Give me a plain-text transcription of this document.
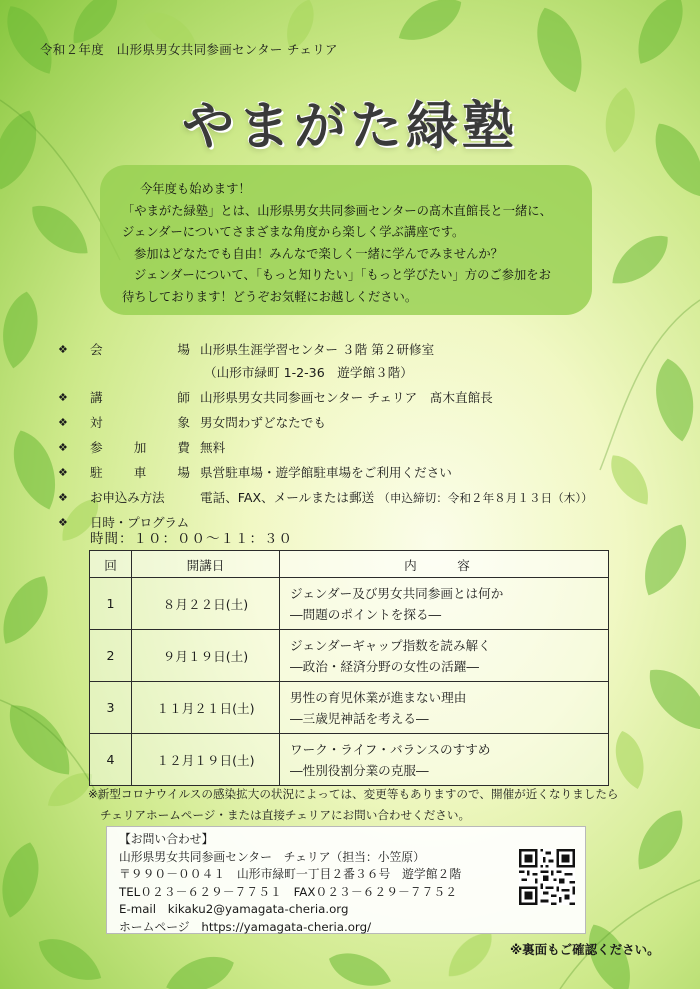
令和２年度　山形県男女共同参画センター チェリア
やまがた緑塾
今年度も始めます！
「やまがた緑塾」とは、山形県男女共同参画センターの髙木直館長と一緒に、
ジェンダーについてさまざまな角度から楽しく学ぶ講座です。
参加はどなたでも自由！みんなで楽しく一緒に学んでみませんか？
ジェンダーについて、「もっと知りたい」「もっと学びたい」方のご参加をお
待ちしております！どうぞお気軽にお越しください。
❖	会	場 山形県生涯学習センター ３階 第２研修室
（山形市緑町 1-2-36　遊学館３階）
❖	講	師 山形県男女共同参画センター チェリア　髙木直館長
❖	対	象 男女問わずどなたでも
❖	参 加 費 無料
❖	駐 車 場 県営駐車場・遊学館駐車場をご利用ください
❖	お申込み方法	電話、FAX、メールまたは郵送 （申込締切：令和２年８月１３日（木））
❖	日時・プログラム
時間：１０：００～１１：３０
回	開講日	内　容
1	８月２２日(土)	ジェンダー及び男女共同参画とは何か
―問題のポイントを探る―

2	９月１９日(土)	ジェンダーギャップ指数を読み解く
―政治・経済分野の女性の活躍―

3	１１月２１日(土)	男性の育児休業が進まない理由
―三歳児神話を考える―

4	１２月１９日(土)	ワーク・ライフ・バランスのすすめ
―性別役割分業の克服―
※新型コロナウイルスの感染拡大の状況によっては、変更等もありますので、開催が近くなりましたら
チェリアホームページ・または直接チェリアにお問い合わせください。
【お問い合わせ】
山形県男女共同参画センター　チェリア（担当：小笠原）
〒９９０－００４１　山形市緑町一丁目２番３６号　遊学館２階
TEL０２３－６２９－７７５１　FAX０２３－６２９－７７５２
E-mail　kikaku2@yamagata-cheria.org
ホームページ　https://yamagata-cheria.org/
※裏面もご確認ください。
